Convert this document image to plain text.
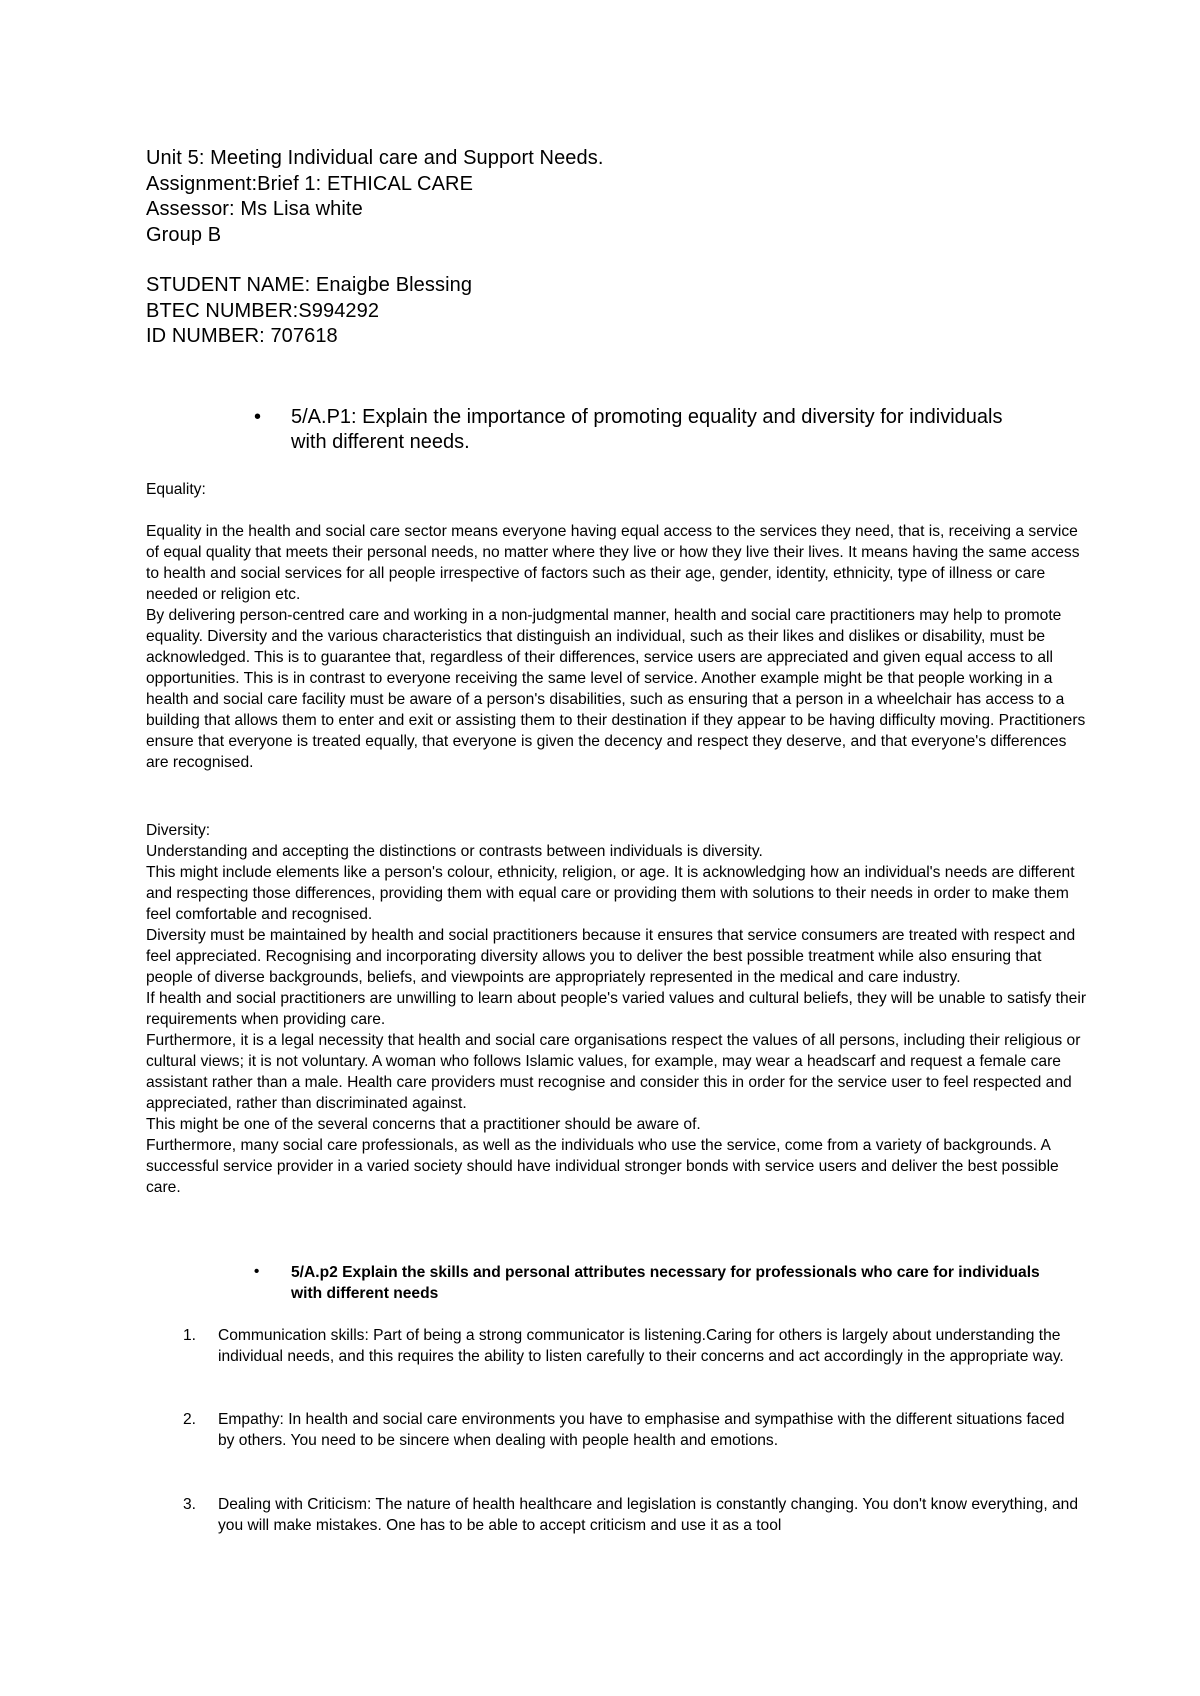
Unit 5: Meeting Individual care and Support Needs.
Assignment:Brief 1: ETHICAL CARE
Assessor: Ms Lisa white
Group B
STUDENT NAME: Enaigbe Blessing
BTEC NUMBER:S994292
ID NUMBER: 707618
• 5/A.P1: Explain the importance of promoting equality and diversity for individuals with different needs.

Equality:

Equality in the health and social care sector means everyone having equal access to the services they need, that is, receiving a service of equal quality that meets their personal needs, no matter where they live or how they live their lives. It means having the same access to health and social services for all people irrespective of factors such as their age, gender, identity, ethnicity, type of illness or care needed or religion etc.

By delivering person-centred care and working in a non-judgmental manner, health and social care practitioners may help to promote equality. Diversity and the various characteristics that distinguish an individual, such as their likes and dislikes or disability, must be acknowledged. This is to guarantee that, regardless of their differences, service users are appreciated and given equal access to all opportunities. This is in contrast to everyone receiving the same level of service. Another example might be that people working in a health and social care facility must be aware of a person's disabilities, such as ensuring that a person in a wheelchair has access to a building that allows them to enter and exit or assisting them to their destination if they appear to be having difficulty moving. Practitioners ensure that everyone is treated equally, that everyone is given the decency and respect they deserve, and that everyone's differences are recognised.

Diversity:

Understanding and accepting the distinctions or contrasts between individuals is diversity.

This might include elements like a person's colour, ethnicity, religion, or age. It is acknowledging how an individual's needs are different and respecting those differences, providing them with equal care or providing them with solutions to their needs in order to make them feel comfortable and recognised.

Diversity must be maintained by health and social practitioners because it ensures that service consumers are treated with respect and feel appreciated. Recognising and incorporating diversity allows you to deliver the best possible treatment while also ensuring that people of diverse backgrounds, beliefs, and viewpoints are appropriately represented in the medical and care industry.

If health and social practitioners are unwilling to learn about people's varied values and cultural beliefs, they will be unable to satisfy their requirements when providing care.

Furthermore, it is a legal necessity that health and social care organisations respect the values of all persons, including their religious or cultural views; it is not voluntary. A woman who follows Islamic values, for example, may wear a headscarf and request a female care assistant rather than a male. Health care providers must recognise and consider this in order for the service user to feel respected and appreciated, rather than discriminated against.

This might be one of the several concerns that a practitioner should be aware of.

Furthermore, many social care professionals, as well as the individuals who use the service, come from a variety of backgrounds. A successful service provider in a varied society should have individual stronger bonds with service users and deliver the best possible care.

• 5/A.p2 Explain the skills and personal attributes necessary for professionals who care for individuals with different needs
1. Communication skills: Part of being a strong communicator is listening.Caring for others is largely about understanding the individual needs, and this requires the ability to listen carefully to their concerns and act accordingly in the appropriate way.
2. Empathy: In health and social care environments you have to emphasise and sympathise with the different situations faced by others. You need to be sincere when dealing with people health and emotions.
3. Dealing with Criticism: The nature of health healthcare and legislation is constantly changing. You don't know everything, and you will make mistakes. One has to be able to accept criticism and use it as a tool
